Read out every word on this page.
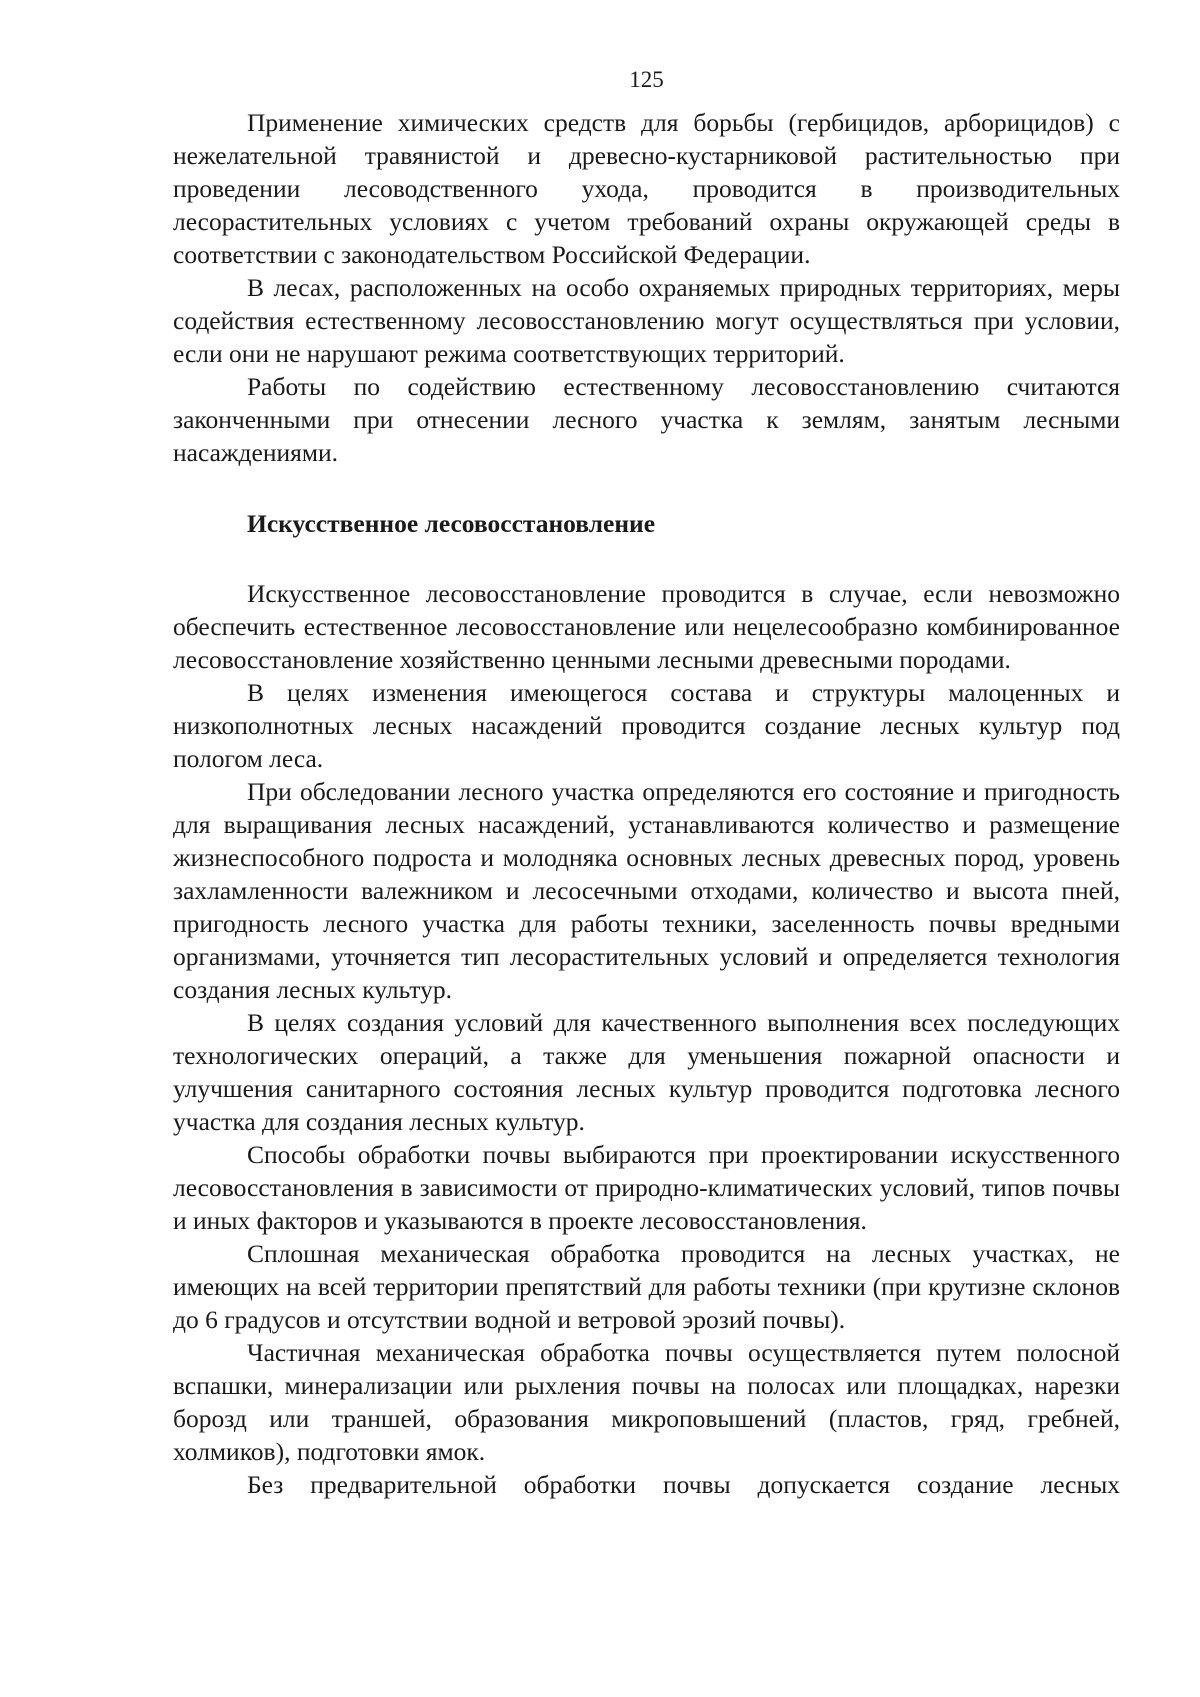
125

Применение химических средств для борьбы (гербицидов, арборицидов) с нежелательной травянистой и древесно-кустарниковой растительностью при проведении лесоводственного ухода, проводится в производительных лесорастительных условиях с учетом требований охраны окружающей среды в соответствии с законодательством Российской Федерации.

В лесах, расположенных на особо охраняемых природных территориях, меры содействия естественному лесовосстановлению могут осуществляться при условии, если они не нарушают режима соответствующих территорий.

Работы по содействию естественному лесовосстановлению считаются законченными при отнесении лесного участка к землям, занятым лесными насаждениями.

Искусственное лесовосстановление

Искусственное лесовосстановление проводится в случае, если невозможно обеспечить естественное лесовосстановление или нецелесообразно комбинированное лесовосстановление хозяйственно ценными лесными древесными породами.

В целях изменения имеющегося состава и структуры малоценных и низкополнотных лесных насаждений проводится создание лесных культур под пологом леса.

При обследовании лесного участка определяются его состояние и пригодность для выращивания лесных насаждений, устанавливаются количество и размещение жизнеспособного подроста и молодняка основных лесных древесных пород, уровень захламленности валежником и лесосечными отходами, количество и высота пней, пригодность лесного участка для работы техники, заселенность почвы вредными организмами, уточняется тип лесорастительных условий и определяется технология создания лесных культур.

В целях создания условий для качественного выполнения всех последующих технологических операций, а также для уменьшения пожарной опасности и улучшения санитарного состояния лесных культур проводится подготовка лесного участка для создания лесных культур.

Способы обработки почвы выбираются при проектировании искусственного лесовосстановления в зависимости от природно-климатических условий, типов почвы и иных факторов и указываются в проекте лесовосстановления.

Сплошная механическая обработка проводится на лесных участках, не имеющих на всей территории препятствий для работы техники (при крутизне склонов до 6 градусов и отсутствии водной и ветровой эрозий почвы).

Частичная механическая обработка почвы осуществляется путем полосной вспашки, минерализации или рыхления почвы на полосах или площадках, нарезки борозд или траншей, образования микроповышений (пластов, гряд, гребней, холмиков), подготовки ямок.

Без предварительной обработки почвы допускается создание лесных
